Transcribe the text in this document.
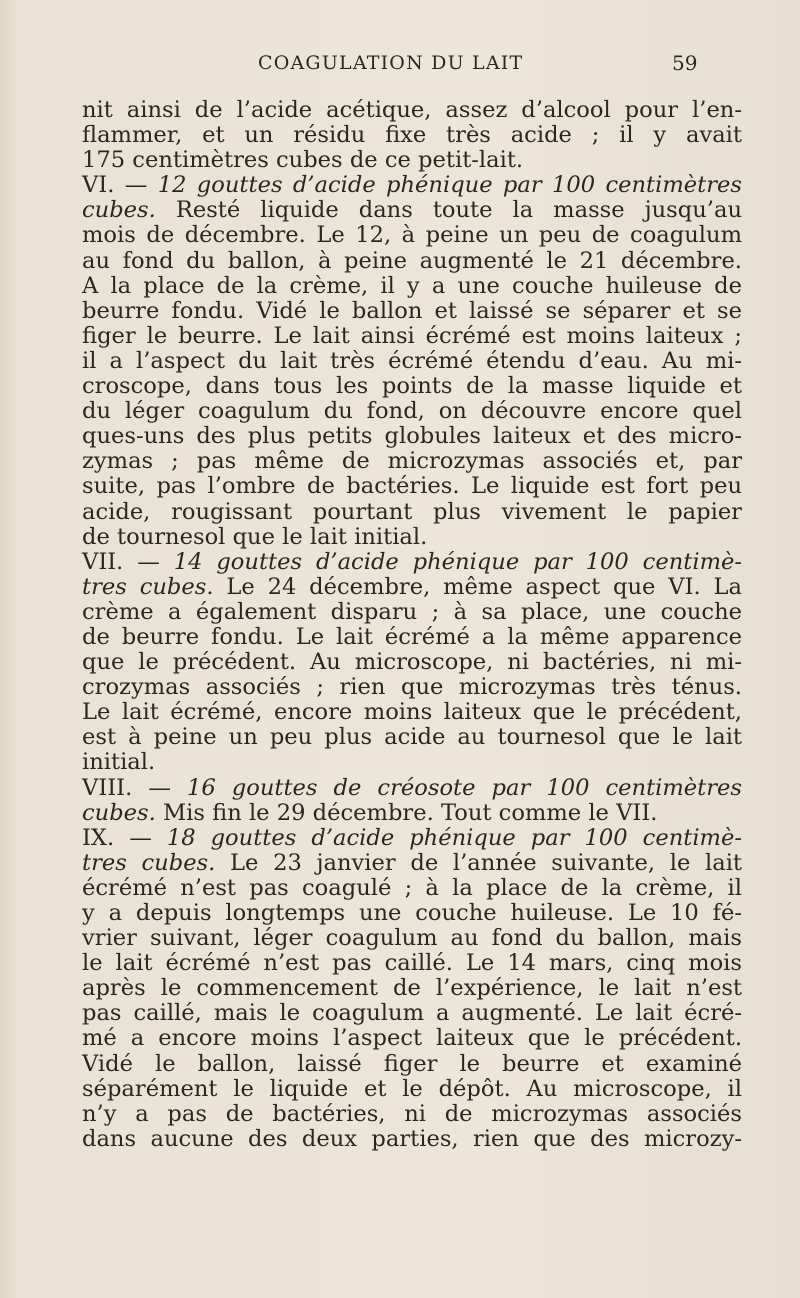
COAGULATION DU LAIT	59
nit ainsi de l’acide acétique, assez d’alcool pour l’en-
flammer, et un résidu fixe très acide ; il y avait
175 centimètres cubes de ce petit-lait.
VI. — 12 gouttes d’acide phénique par 100 centimètres
cubes. Resté liquide dans toute la masse jusqu’au
mois de décembre. Le 12, à peine un peu de coagulum
au fond du ballon, à peine augmenté le 21 décembre.
A la place de la crème, il y a une couche huileuse de
beurre fondu. Vidé le ballon et laissé se séparer et se
figer le beurre. Le lait ainsi écrémé est moins laiteux ;
il a l’aspect du lait très écrémé étendu d’eau. Au mi-
croscope, dans tous les points de la masse liquide et
du léger coagulum du fond, on découvre encore quel
ques-uns des plus petits globules laiteux et des micro-
zymas ; pas même de microzymas associés et, par
suite, pas l’ombre de bactéries. Le liquide est fort peu
acide, rougissant pourtant plus vivement le papier
de tournesol que le lait initial.
VII. — 14 gouttes d’acide phénique par 100 centimè-
tres cubes. Le 24 décembre, même aspect que VI. La
crème a également disparu ; à sa place, une couche
de beurre fondu. Le lait écrémé a la même apparence
que le précédent. Au microscope, ni bactéries, ni mi-
crozymas associés ; rien que microzymas très ténus.
Le lait écrémé, encore moins laiteux que le précédent,
est à peine un peu plus acide au tournesol que le lait
initial.
VIII. — 16 gouttes de créosote par 100 centimètres
cubes. Mis fin le 29 décembre. Tout comme le VII.
IX. — 18 gouttes d’acide phénique par 100 centimè-
tres cubes. Le 23 janvier de l’année suivante, le lait
écrémé n’est pas coagulé ; à la place de la crème, il
y a depuis longtemps une couche huileuse. Le 10 fé-
vrier suivant, léger coagulum au fond du ballon, mais
le lait écrémé n’est pas caillé. Le 14 mars, cinq mois
après le commencement de l’expérience, le lait n’est
pas caillé, mais le coagulum a augmenté. Le lait écré-
mé a encore moins l’aspect laiteux que le précédent.
Vidé le ballon, laissé figer le beurre et examiné
séparément le liquide et le dépôt. Au microscope, il
n’y a pas de bactéries, ni de microzymas associés
dans aucune des deux parties, rien que des microzy-
